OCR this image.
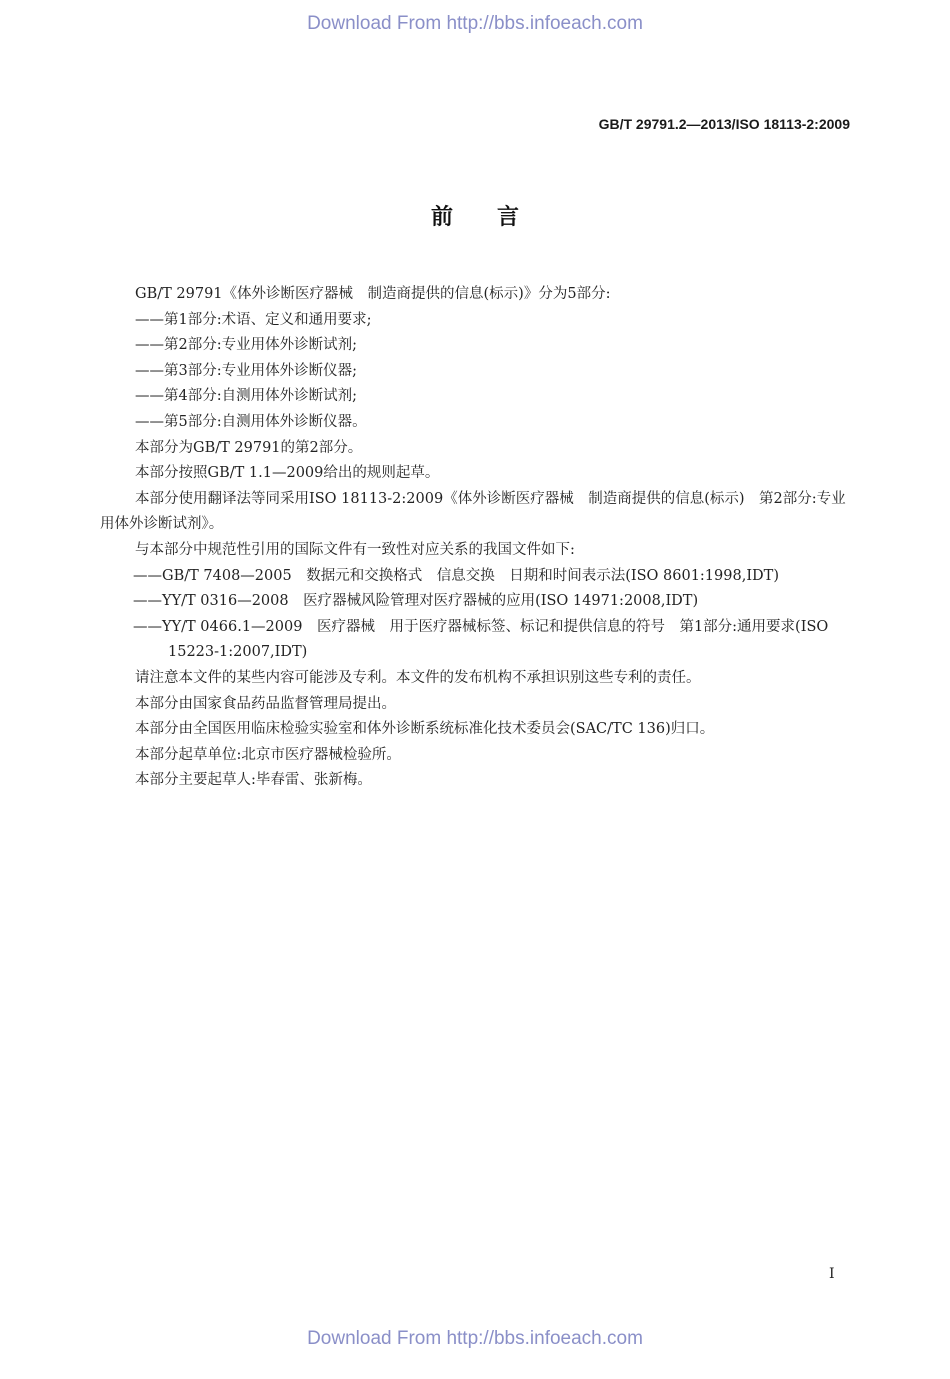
Download From http://bbs.infoeach.com
GB/T 29791.2—2013/ISO 18113-2:2009
前言

GB/T 29791《体外诊断医疗器械　制造商提供的信息(标示)》分为5部分:

——第1部分:术语、定义和通用要求;

——第2部分:专业用体外诊断试剂;

——第3部分:专业用体外诊断仪器;

——第4部分:自测用体外诊断试剂;

——第5部分:自测用体外诊断仪器。

本部分为GB/T 29791的第2部分。

本部分按照GB/T 1.1—2009给出的规则起草。

本部分使用翻译法等同采用ISO 18113-2:2009《体外诊断医疗器械　制造商提供的信息(标示)　第2部分:专业用体外诊断试剂》。

与本部分中规范性引用的国际文件有一致性对应关系的我国文件如下:

——GB/T 7408—2005　数据元和交换格式　信息交换　日期和时间表示法(ISO 8601:1998,IDT)

——YY/T 0316—2008　医疗器械风险管理对医疗器械的应用(ISO 14971:2008,IDT)

——YY/T 0466.1—2009　医疗器械　用于医疗器械标签、标记和提供信息的符号　第1部分:通用要求(ISO 15223-1:2007,IDT)

请注意本文件的某些内容可能涉及专利。本文件的发布机构不承担识别这些专利的责任。

本部分由国家食品药品监督管理局提出。

本部分由全国医用临床检验实验室和体外诊断系统标准化技术委员会(SAC/TC 136)归口。

本部分起草单位:北京市医疗器械检验所。

本部分主要起草人:毕春雷、张新梅。

I
Download From http://bbs.infoeach.com
